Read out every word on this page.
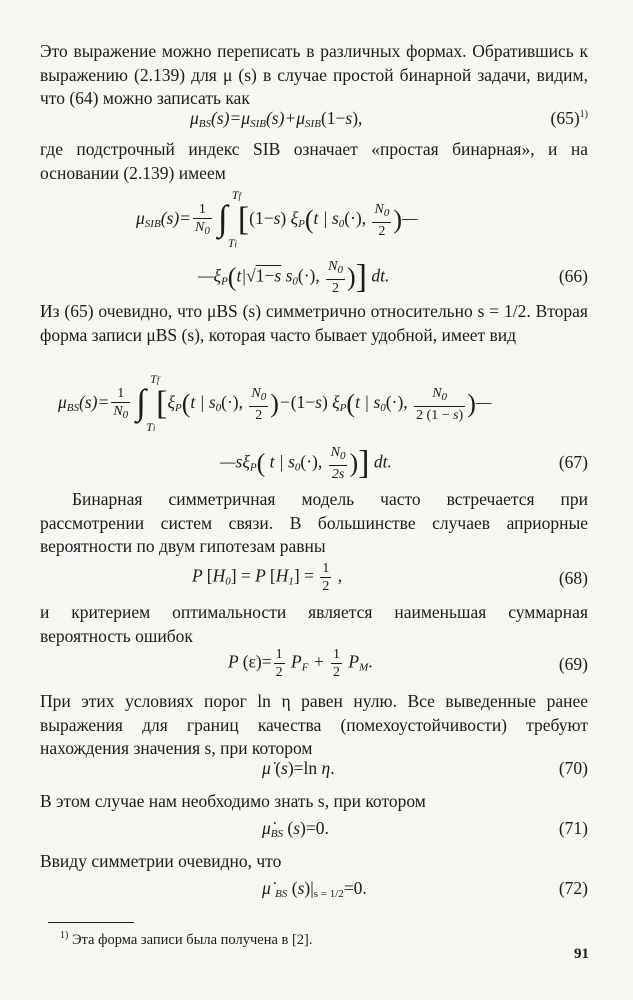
Это выражение можно переписать в различных формах. Обратившись к выражению (2.139) для μ (s) в случае простой бинарной задачи, видим, что (64) можно записать как

$\mu_{BS}(s)=\mu_{SIB}(s)+\mu_{SIB}(1-s)$,	$(65)^{1)}$

где подстрочный индекс SIB означает «простая бинарная», и на основании (2.139) имеем

$\mu_{SIB}(s)= \frac{1}{N_0}$ ∫
Tf
Ti
[(1−s) $\xi_P(t$ | $s_0(\cdot)$, $\frac{N_0}{2}$ )—
$—\xi_P(t|√1-s$ $s_0(\cdot)$, $\frac{N_0}{2}$ )] dt.	(66)

Из (65) очевидно, что μBS (s) симметрично относительно s = 1/2. Вторая форма записи μBS (s), которая часто бывает удобной, имеет вид

$\mu_{BS}(s)= \frac{1}{N_0}$ ∫
Tf
Ti
[$\xi_P(t$ | $s_0(\cdot)$, $\frac{N_0}{2} )-(1-s)$ $\xi_P(t$ | $s_0(\cdot)$, $\frac{N_0}{2 (1 - s)}$ )—
$—s\xi_P$( t | $s_0(\cdot)$, $\frac{N_0}{2s}$ )] dt.	(67)

Бинарная симметричная модель часто встречается при рассмотрении систем связи. В большинстве случаев априорные вероятности по двум гипотезам равны

P $[H_0] = P$ $[H_1] = \frac{1}{2}$ ,	(68)

и критерием оптимальности является наименьшая суммарная вероятность ошибок

P $(\varepsilon)= \frac{1}{2} P_F + \frac{1}{2} P_M$.	(69)

При этих условиях порог ln η равен нулю. Все выведенные ранее выражения для границ качества (помехоустойчивости) требуют нахождения значения s, при котором

μ̇ (s)=ln η.	(70)

В этом случае нам необходимо знать s, при котором

$\mu̇_{BS}$ (s)=0.	(71)

Ввиду симметрии очевидно, что

μ̇ $_{BS}$ $(s)|_{s = 1/2}=0$.	(72)
$^{1)}$ Эта форма записи была получена в [2].
91
